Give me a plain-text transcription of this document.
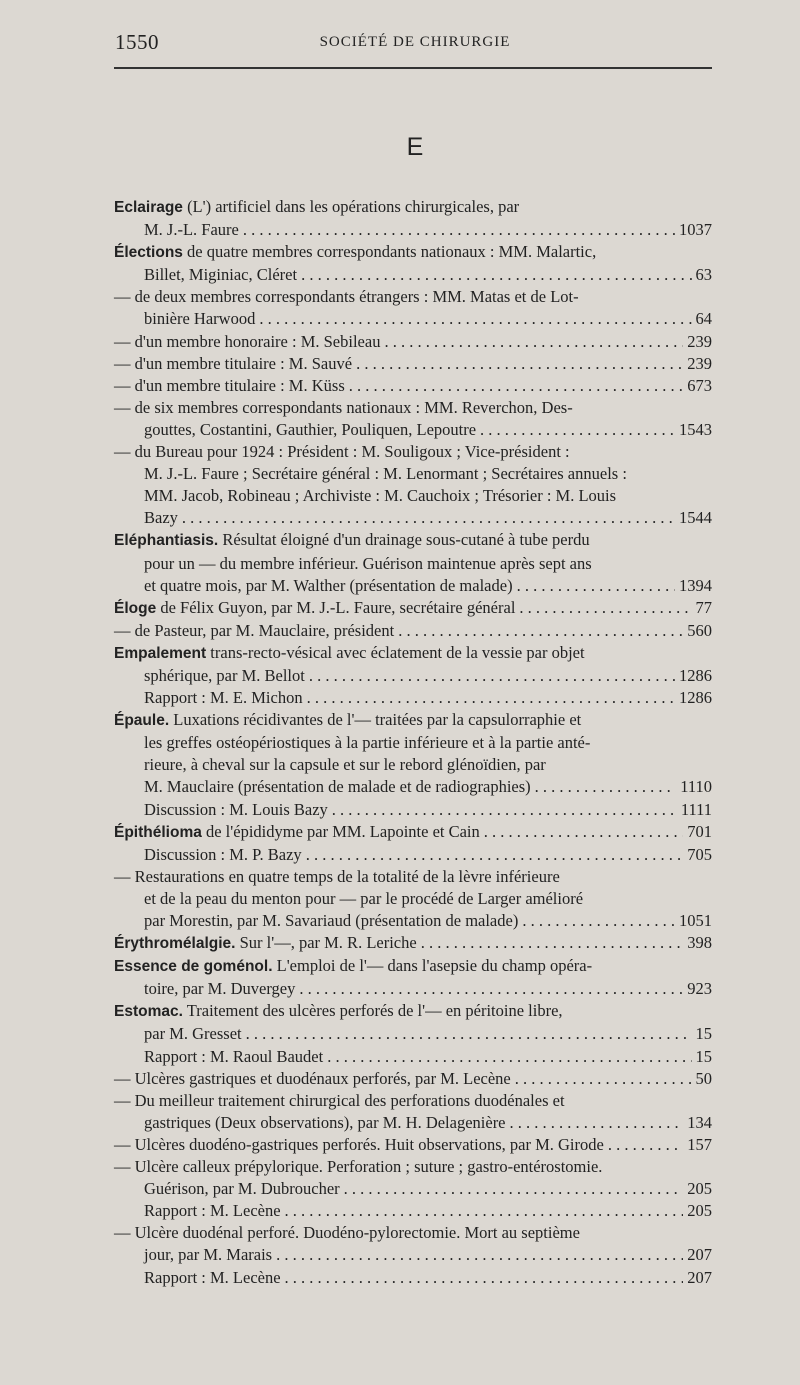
1550	SOCIÉTÉ DE CHIRURGIE
E
Eclairage (L') artificiel dans les opérations chirurgicales, par
M. J.-L. Faure . . .	1037
Élections de quatre membres correspondants nationaux : MM. Malartic,
Billet, Miginiac, Cléret . . .	63
— de deux membres correspondants étrangers : MM. Matas et de Lot-
binière Harwood . . .	64
— d'un membre honoraire : M. Sebileau . . .	239
— d'un membre titulaire : M. Sauvé . . .	239
— d'un membre titulaire : M. Küss . . .	673
— de six membres correspondants nationaux : MM. Reverchon, Des-
gouttes, Costantini, Gauthier, Pouliquen, Lepoutre . . .	1543
— du Bureau pour 1924 : Président : M. Souligoux ; Vice-président :
M. J.-L. Faure ; Secrétaire général : M. Lenormant ; Secrétaires annuels :
MM. Jacob, Robineau ; Archiviste : M. Cauchoix ; Trésorier : M. Louis
Bazy . . .	1544
Eléphantiasis. Résultat éloigné d'un drainage sous-cutané à tube perdu
pour un — du membre inférieur. Guérison maintenue après sept ans
et quatre mois, par M. Walther (présentation de malade) . . .	1394
Éloge de Félix Guyon, par M. J.-L. Faure, secrétaire général . . .	77
— de Pasteur, par M. Mauclaire, président . . .	560
Empalement trans-recto-vésical avec éclatement de la vessie par objet
sphérique, par M. Bellot . . .	1286
Rapport : M. E. Michon . . .	1286
Épaule. Luxations récidivantes de l'— traitées par la capsulorraphie et
les greffes ostéopériostiques à la partie inférieure et à la partie anté-
rieure, à cheval sur la capsule et sur le rebord glénoïdien, par
M. Mauclaire (présentation de malade et de radiographies) . . .	1110
Discussion : M. Louis Bazy . . .	1111
Épithélioma de l'épididyme par MM. Lapointe et Cain . . .	701
Discussion : M. P. Bazy . . .	705
— Restaurations en quatre temps de la totalité de la lèvre inférieure
et de la peau du menton pour — par le procédé de Larger amélioré
par Morestin, par M. Savariaud (présentation de malade) . . .	1051
Érythromélalgie. Sur l'—, par M. R. Leriche . . .	398
Essence de goménol. L'emploi de l'— dans l'asepsie du champ opéra-
toire, par M. Duvergey . . .	923
Estomac. Traitement des ulcères perforés de l'— en péritoine libre,
par M. Gresset . . .	15
Rapport : M. Raoul Baudet . . .	15
— Ulcères gastriques et duodénaux perforés, par M. Lecène . . .	50
— Du meilleur traitement chirurgical des perforations duodénales et
gastriques (Deux observations), par M. H. Delagenière . . .	134
— Ulcères duodéno-gastriques perforés. Huit observations, par M. Girode . . .	157
— Ulcère calleux prépylorique. Perforation ; suture ; gastro-entérostomie.
Guérison, par M. Dubroucher . . .	205
Rapport : M. Lecène . . .	205
— Ulcère duodénal perforé. Duodéno-pylorectomie. Mort au septième
jour, par M. Marais . . .	207
Rapport : M. Lecène . . .	207
